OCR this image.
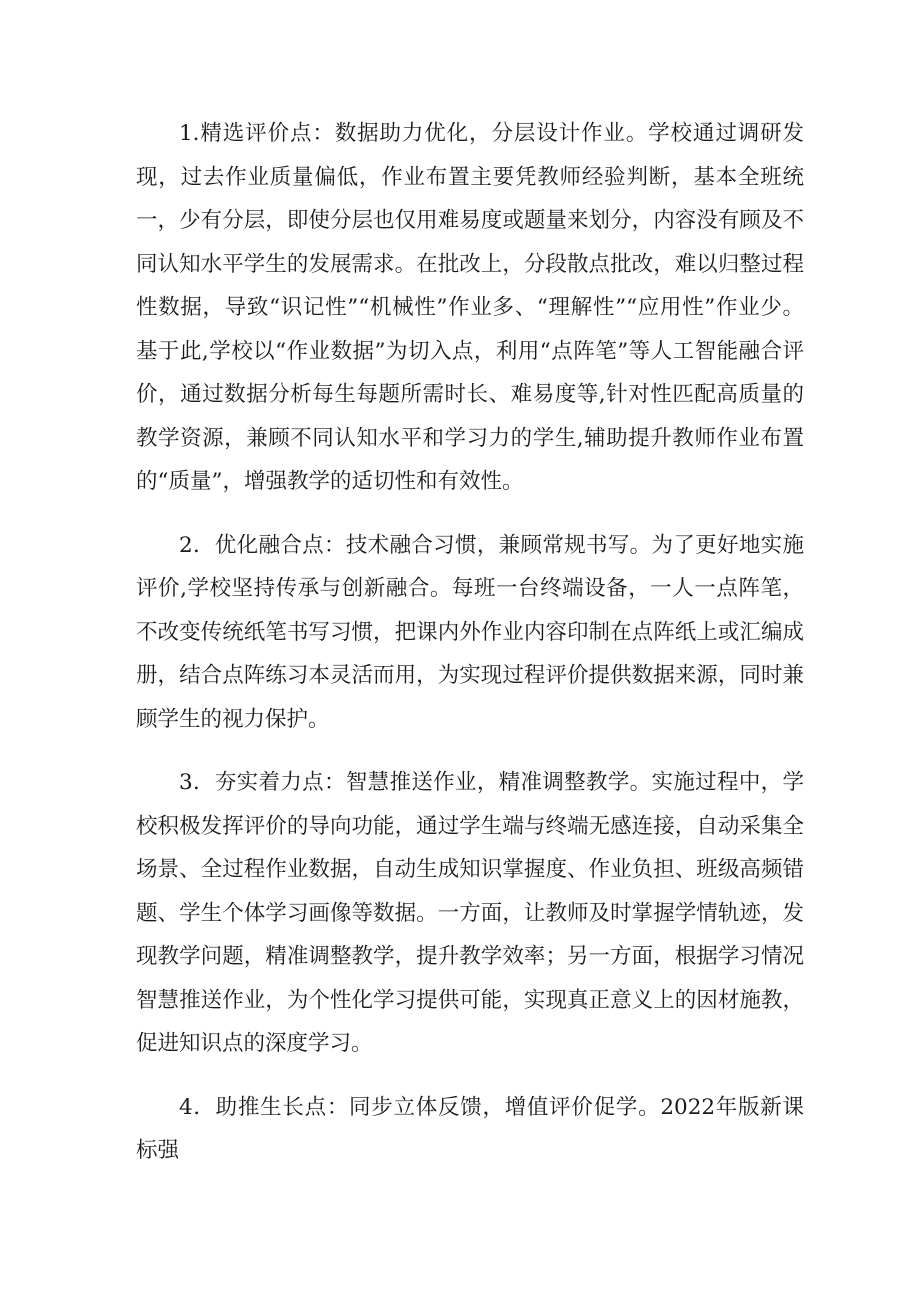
1.精选评价点：数据助力优化，分层设计作业。学校通过调研发现，过去作业质量偏低，作业布置主要凭教师经验判断，基本全班统一，少有分层，即使分层也仅用难易度或题量来划分，内容没有顾及不同认知水平学生的发展需求。在批改上，分段散点批改，难以归整过程性数据，导致“识记性”“机械性”作业多、“理解性”“应用性”作业少。基于此,学校以“作业数据”为切入点，利用“点阵笔”等人工智能融合评价，通过数据分析每生每题所需时长、难易度等,针对性匹配高质量的教学资源，兼顾不同认知水平和学习力的学生,辅助提升教师作业布置的“质量”，增强教学的适切性和有效性。

2．优化融合点：技术融合习惯，兼顾常规书写。为了更好地实施评价,学校坚持传承与创新融合。每班一台终端设备，一人一点阵笔，不改变传统纸笔书写习惯，把课内外作业内容印制在点阵纸上或汇编成册，结合点阵练习本灵活而用，为实现过程评价提供数据来源，同时兼顾学生的视力保护。

3．夯实着力点：智慧推送作业，精准调整教学。实施过程中，学校积极发挥评价的导向功能，通过学生端与终端无感连接，自动采集全场景、全过程作业数据，自动生成知识掌握度、作业负担、班级高频错题、学生个体学习画像等数据。一方面，让教师及时掌握学情轨迹，发现教学问题，精准调整教学，提升教学效率；另一方面，根据学习情况智慧推送作业，为个性化学习提供可能，实现真正意义上的因材施教，促进知识点的深度学习。

4．助推生长点：同步立体反馈，增值评价促学。2022年版新课标强
